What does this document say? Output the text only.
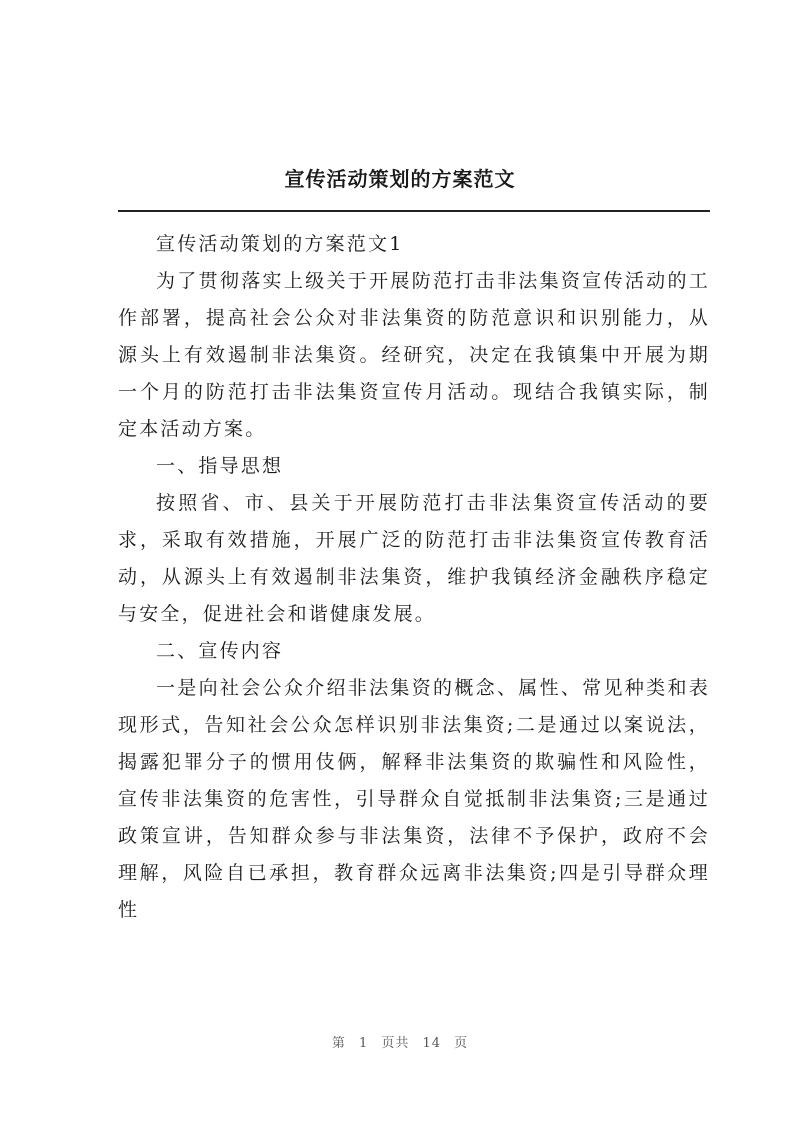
宣传活动策划的方案范文

宣传活动策划的方案范文1

为了贯彻落实上级关于开展防范打击非法集资宣传活动的工作部署，提高社会公众对非法集资的防范意识和识别能力，从源头上有效遏制非法集资。经研究，决定在我镇集中开展为期一个月的防范打击非法集资宣传月活动。现结合我镇实际，制定本活动方案。

一、指导思想

按照省、市、县关于开展防范打击非法集资宣传活动的要求，采取有效措施，开展广泛的防范打击非法集资宣传教育活动，从源头上有效遏制非法集资，维护我镇经济金融秩序稳定与安全，促进社会和谐健康发展。

二、宣传内容

一是向社会公众介绍非法集资的概念、属性、常见种类和表现形式，告知社会公众怎样识别非法集资;二是通过以案说法，揭露犯罪分子的惯用伎俩，解释非法集资的欺骗性和风险性，宣传非法集资的危害性，引导群众自觉抵制非法集资;三是通过政策宣讲，告知群众参与非法集资，法律不予保护，政府不会理解，风险自已承担，教育群众远离非法集资;四是引导群众理性

第 1 页共 14 页
